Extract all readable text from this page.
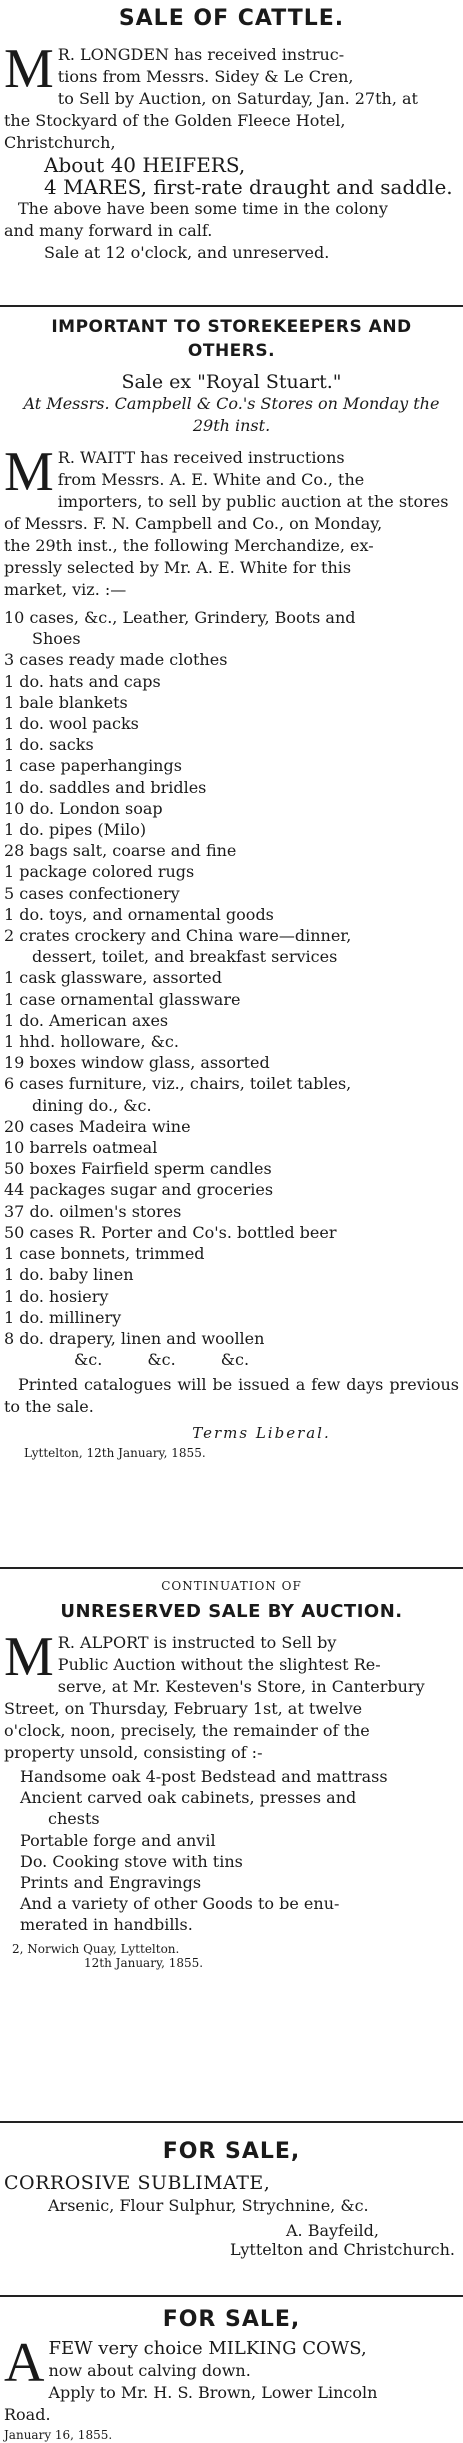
SALE OF CATTLE.
M R. LONGDEN has received instruc-

tions from Messrs. Sidey & Le Cren,

to Sell by Auction, on Saturday, Jan. 27th, at

the Stockyard of the Golden Fleece Hotel,

Christchurch,

About 40 HEIFERS,

4 MARES, first-rate draught and saddle.

The above have been some time in the colony

and many forward in calf.

Sale at 12 o'clock, and unreserved.

IMPORTANT TO STOREKEEPERS AND OTHERS.
Sale ex "Royal Stuart."
At Messrs. Campbell & Co.'s Stores on Monday the 29th inst.
M R. WAITT has received instructions

from Messrs. A. E. White and Co., the

importers, to sell by public auction at the stores

of Messrs. F. N. Campbell and Co., on Monday,

the 29th inst., the following Merchandize, ex-

pressly selected by Mr. A. E. White for this

market, viz. :—

10 cases, &c., Leather, Grindery, Boots and
Shoes
3 cases ready made clothes
1 do. hats and caps
1 bale blankets
1 do. wool packs
1 do. sacks
1 case paperhangings
1 do. saddles and bridles
10 do. London soap
1 do. pipes (Milo)
28 bags salt, coarse and fine
1 package colored rugs
5 cases confectionery
1 do. toys, and ornamental goods
2 crates crockery and China ware—dinner,
dessert, toilet, and breakfast services
1 cask glassware, assorted
1 case ornamental glassware
1 do. American axes
1 hhd. holloware, &c.
19 boxes window glass, assorted
6 cases furniture, viz., chairs, toilet tables,
dining do., &c.
20 cases Madeira wine
10 barrels oatmeal
50 boxes Fairfield sperm candles
44 packages sugar and groceries
37 do. oilmen's stores
50 cases R. Porter and Co's. bottled beer
1 case bonnets, trimmed
1 do. baby linen
1 do. hosiery
1 do. millinery
8 do. drapery, linen and woollen
&c. &c. &c.

Printed catalogues will be issued a few days previous to the sale.

Terms Liberal.
Lyttelton, 12th January, 1855.
CONTINUATION OF
UNRESERVED SALE BY AUCTION.
M R. ALPORT is instructed to Sell by

Public Auction without the slightest Re-

serve, at Mr. Kesteven's Store, in Canterbury

Street, on Thursday, February 1st, at twelve

o'clock, noon, precisely, the remainder of the

property unsold, consisting of :-

Handsome oak 4-post Bedstead and mattrass
Ancient carved oak cabinets, presses and
chests
Portable forge and anvil
Do. Cooking stove with tins
Prints and Engravings
And a variety of other Goods to be enu-
merated in handbills.
2, Norwich Quay, Lyttelton.
12th January, 1855.
FOR SALE,
CORROSIVE SUBLIMATE,
Arsenic, Flour Sulphur, Strychnine, &c.
A. Bayfeild,
Lyttelton and Christchurch.
FOR SALE,
A FEW very choice MILKING COWS,

now about calving down.

Apply to Mr. H. S. Brown, Lower Lincoln

Road.

January 16, 1855.
